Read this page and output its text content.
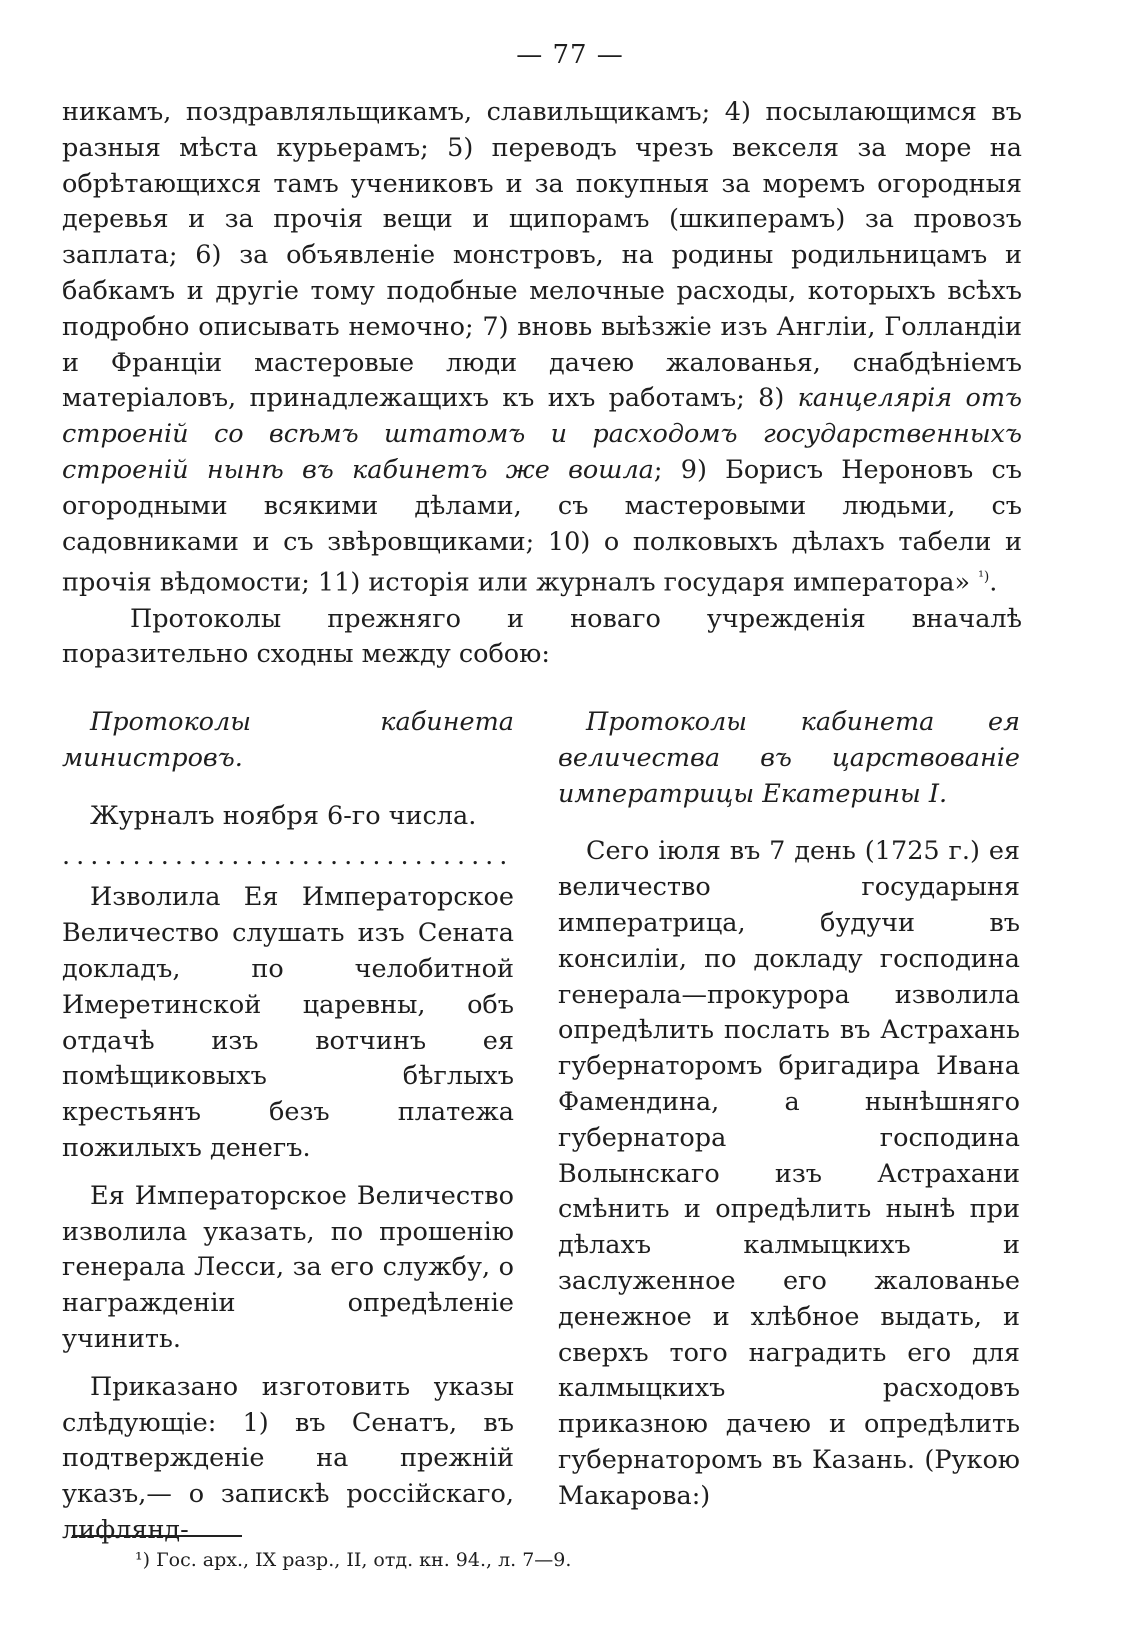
— 77 —

никамъ, поздравляльщикамъ, славильщикамъ; 4) посылающимся въ разныя мѣста курьерамъ; 5) переводъ чрезъ векселя за море на обрѣтающихся тамъ учениковъ и за покупныя за моремъ огородныя деревья и за прочія вещи и щипорамъ (шкиперамъ) за провозъ заплата; 6) за объявленіе монстровъ, на родины родильницамъ и бабкамъ и другіе тому подобные мелочные расходы, которыхъ всѣхъ подробно описывать немочно; 7) вновь выѣзжіе изъ Англіи, Голландіи и Франціи мастеровые люди дачею жалованья, снабдѣніемъ матеріаловъ, принадлежащихъ къ ихъ работамъ; 8) канцелярія отъ строеній со всѣмъ штатомъ и расходомъ государственныхъ строеній нынѣ въ кабинетъ же вошла; 9) Борисъ Нероновъ съ огородными всякими дѣлами, съ мастеровыми людьми, съ садовниками и съ звѣровщиками; 10) о полковыхъ дѣлахъ табели и прочія вѣдомости; 11) исторія или журналъ государя императора» $^{^1)}$.

Протоколы прежняго и новаго учрежденія вначалѣ поразительно сходны между собою:

Протоколы кабинета министровъ.

Журналъ ноября 6-го числа.

................................

Изволила Ея Императорское Величество слушать изъ Сената докладъ, по челобитной Имеретинской царевны, объ отдачѣ изъ вотчинъ ея помѣщиковыхъ бѣглыхъ крестьянъ безъ платежа пожилыхъ денегъ.

Ея Императорское Величество изволила указать, по прошенію генерала Лесси, за его службу, о награжденіи опредѣленіе учинить.

Приказано изготовить указы слѣдующіе: 1) въ Сенатъ, въ подтвержденіе на прежній указъ,— о запискѣ россійскаго, лифлянд-

Протоколы кабинета ея величества въ царствованіе императрицы Екатерины I.

Сего іюля въ 7 день (1725 г.) ея величество государыня императрица, будучи въ консиліи, по докладу господина генерала—прокурора изволила опредѣлить послать въ Астрахань губернаторомъ бригадира Ивана Фамендина, а нынѣшняго губернатора господина Волынскаго изъ Астрахани смѣнить и опредѣлить нынѣ при дѣлахъ калмыцкихъ и заслуженное его жалованье денежное и хлѣбное выдать, и сверхъ того наградить его для калмыцкихъ расходовъ приказною дачею и опредѣлить губернаторомъ въ Казань. (Рукою Макарова:)

¹) Гос. арх., IX разр., II, отд. кн. 94., л. 7—9.
